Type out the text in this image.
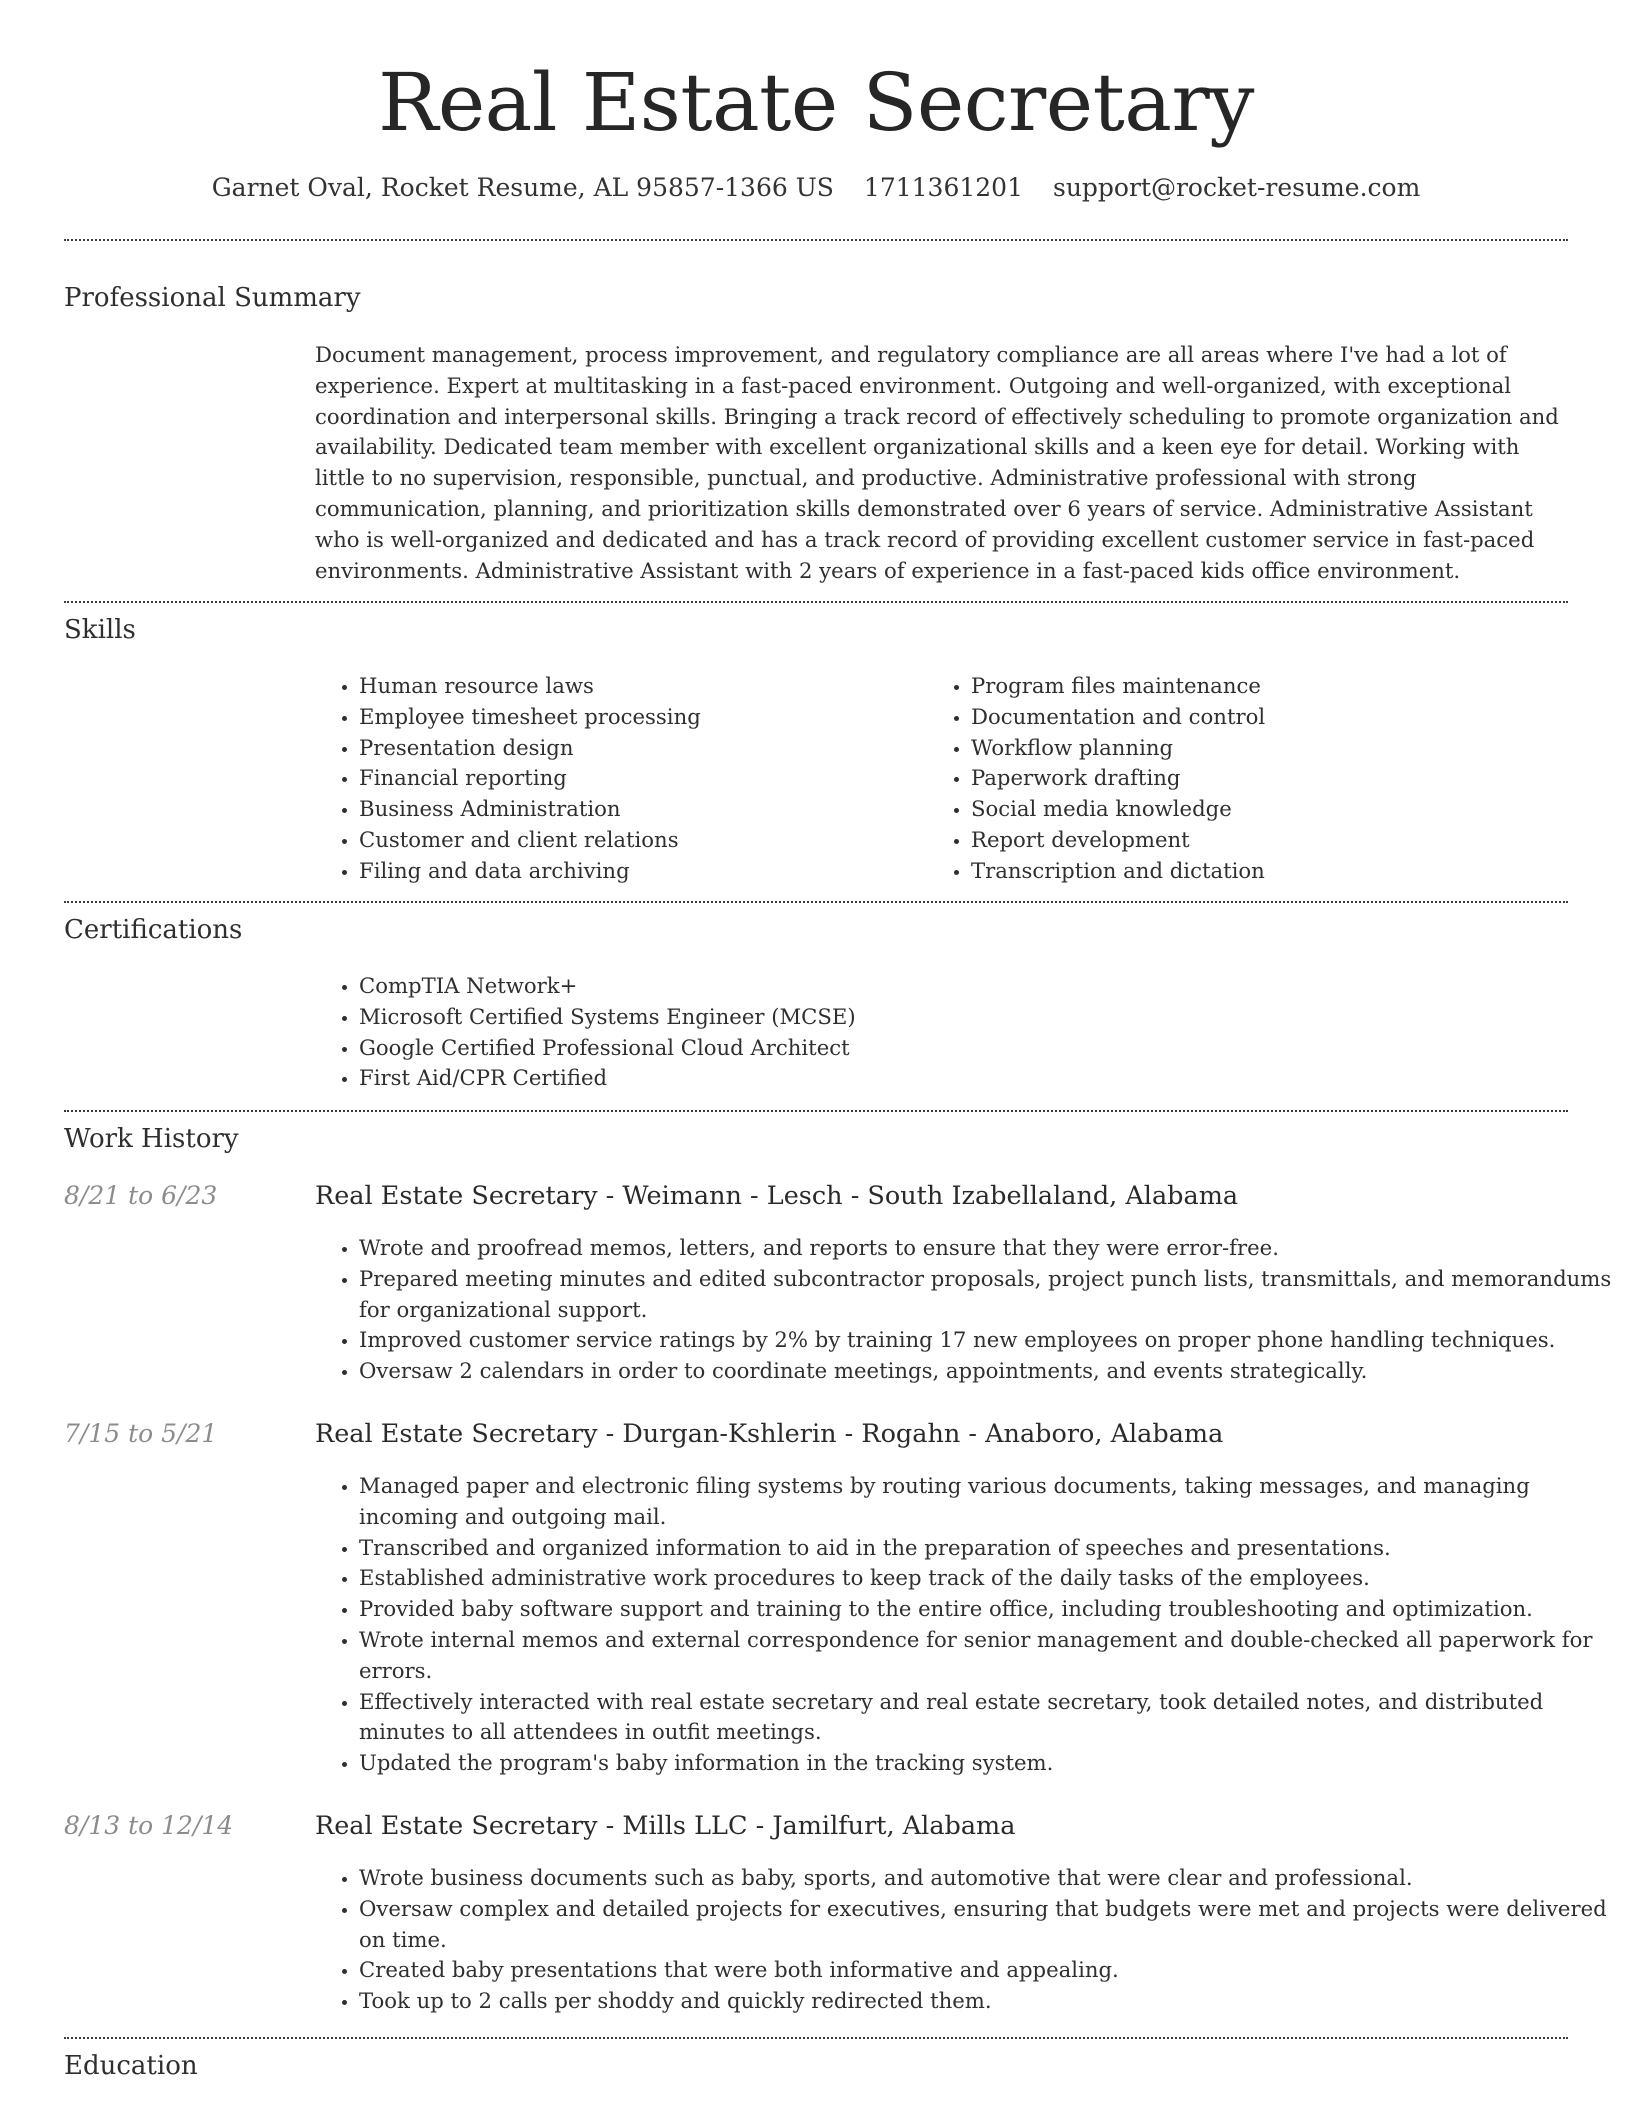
Real Estate Secretary
Garnet Oval, Rocket Resume, AL 95857-1366 US 1711361201 support@rocket-resume.com
Professional Summary

Document management, process improvement, and regulatory compliance are all areas where I've had a lot of experience. Expert at multitasking in a fast-paced environment. Outgoing and well-organized, with exceptional coordination and interpersonal skills. Bringing a track record of effectively scheduling to promote organization and availability. Dedicated team member with excellent organizational skills and a keen eye for detail. Working with little to no supervision, responsible, punctual, and productive. Administrative professional with strong communication, planning, and prioritization skills demonstrated over 6 years of service. Administrative Assistant who is well-organized and dedicated and has a track record of providing excellent customer service in fast-paced environments. Administrative Assistant with 2 years of experience in a fast-paced kids office environment.

Skills
• Human resource laws
• Employee timesheet processing
• Presentation design
• Financial reporting
• Business Administration
• Customer and client relations
• Filing and data archiving
• Program files maintenance
• Documentation and control
• Workflow planning
• Paperwork drafting
• Social media knowledge
• Report development
• Transcription and dictation
Certifications
• CompTIA Network+
• Microsoft Certified Systems Engineer (MCSE)
• Google Certified Professional Cloud Architect
• First Aid/CPR Certified
Work History
8/21 to 6/23	Real Estate Secretary - Weimann - Lesch - South Izabellaland, Alabama
• Wrote and proofread memos, letters, and reports to ensure that they were error-free.
• Prepared meeting minutes and edited subcontractor proposals, project punch lists, transmittals, and memorandums for organizational support.
• Improved customer service ratings by 2% by training 17 new employees on proper phone handling techniques.
• Oversaw 2 calendars in order to coordinate meetings, appointments, and events strategically.
7/15 to 5/21	Real Estate Secretary - Durgan-Kshlerin - Rogahn - Anaboro, Alabama
• Managed paper and electronic filing systems by routing various documents, taking messages, and managing incoming and outgoing mail.
• Transcribed and organized information to aid in the preparation of speeches and presentations.
• Established administrative work procedures to keep track of the daily tasks of the employees.
• Provided baby software support and training to the entire office, including troubleshooting and optimization.
• Wrote internal memos and external correspondence for senior management and double-checked all paperwork for errors.
• Effectively interacted with real estate secretary and real estate secretary, took detailed notes, and distributed minutes to all attendees in outfit meetings.
• Updated the program's baby information in the tracking system.
8/13 to 12/14	Real Estate Secretary - Mills LLC - Jamilfurt, Alabama
• Wrote business documents such as baby, sports, and automotive that were clear and professional.
• Oversaw complex and detailed projects for executives, ensuring that budgets were met and projects were delivered on time.
• Created baby presentations that were both informative and appealing.
• Took up to 2 calls per shoddy and quickly redirected them.
Education
